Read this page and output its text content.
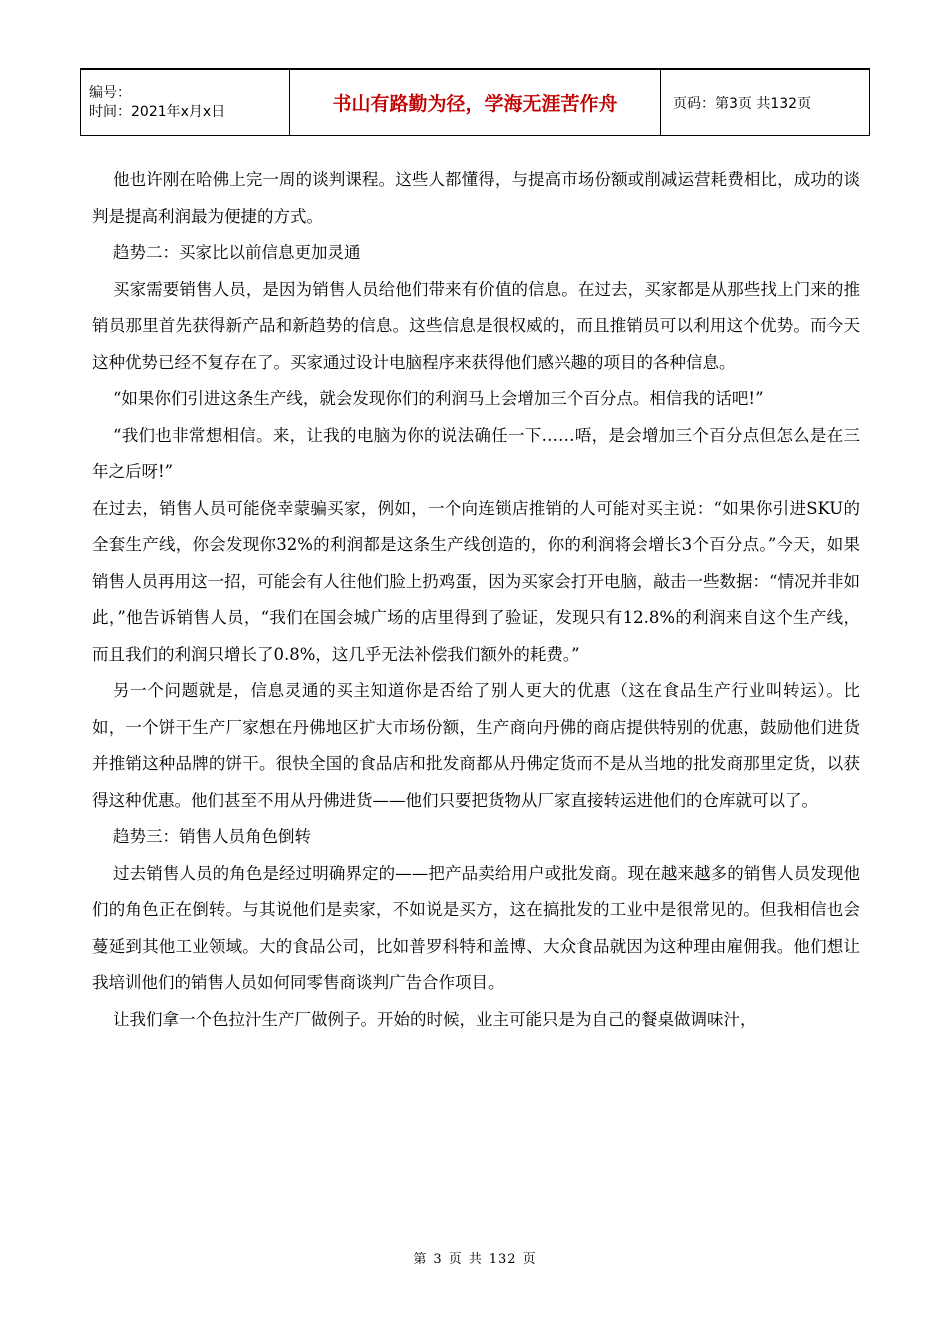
编号：
时间：2021年x月x日	书山有路勤为径，学海无涯苦作舟	页码：第3页 共132页

他也许刚在哈佛上完一周的谈判课程。这些人都懂得，与提高市场份额或削减运营耗费相比，成功的谈判是提高利润最为便捷的方式。

趋势二：买家比以前信息更加灵通

买家需要销售人员，是因为销售人员给他们带来有价值的信息。在过去，买家都是从那些找上门来的推销员那里首先获得新产品和新趋势的信息。这些信息是很权威的，而且推销员可以利用这个优势。而今天这种优势已经不复存在了。买家通过设计电脑程序来获得他们感兴趣的项目的各种信息。

“如果你们引进这条生产线，就会发现你们的利润马上会增加三个百分点。相信我的话吧!”

“我们也非常想相信。来，让我的电脑为你的说法确任一下……唔，是会增加三个百分点但怎么是在三年之后呀!”

在过去，销售人员可能侥幸蒙骗买家，例如，一个向连锁店推销的人可能对买主说：“如果你引进SKU的全套生产线，你会发现你32%的利润都是这条生产线创造的，你的利润将会增长3个百分点。”今天，如果销售人员再用这一招，可能会有人往他们脸上扔鸡蛋，因为买家会打开电脑，敲击一些数据：“情况并非如此，”他告诉销售人员，“我们在国会城广场的店里得到了验证，发现只有12.8%的利润来自这个生产线，而且我们的利润只增长了0.8%，这几乎无法补偿我们额外的耗费。”

另一个问题就是，信息灵通的买主知道你是否给了别人更大的优惠（这在食品生产行业叫转运）。比如，一个饼干生产厂家想在丹佛地区扩大市场份额，生产商向丹佛的商店提供特别的优惠，鼓励他们进货并推销这种品牌的饼干。很快全国的食品店和批发商都从丹佛定货而不是从当地的批发商那里定货，以获得这种优惠。他们甚至不用从丹佛进货——他们只要把货物从厂家直接转运进他们的仓库就可以了。

趋势三：销售人员角色倒转

过去销售人员的角色是经过明确界定的——把产品卖给用户或批发商。现在越来越多的销售人员发现他们的角色正在倒转。与其说他们是卖家，不如说是买方，这在搞批发的工业中是很常见的。但我相信也会蔓延到其他工业领域。大的食品公司，比如普罗科特和盖博、大众食品就因为这种理由雇佣我。他们想让我培训他们的销售人员如何同零售商谈判广告合作项目。

让我们拿一个色拉汁生产厂做例子。开始的时候，业主可能只是为自己的餐桌做调味汁，

第 3 页 共 132 页
